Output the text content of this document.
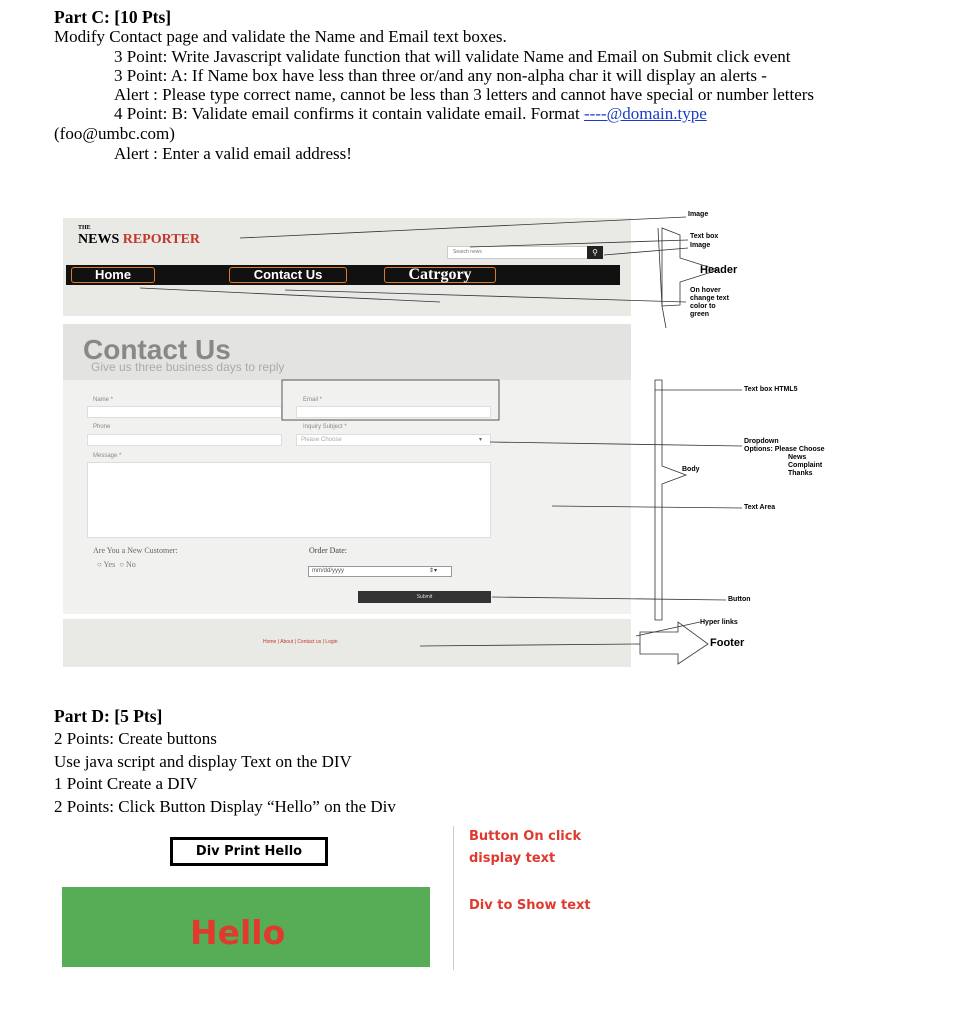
Part C: [10 Pts]
Modify Contact page and validate the Name and Email text boxes.
3 Point: Write Javascript validate function that will validate Name and Email on Submit click event
3 Point: A: If Name box have less than three or/and any non-alpha char it will display an alerts -
Alert : Please type correct name, cannot be less than 3 letters and cannot have special or number letters
4 Point: B: Validate email confirms it contain validate email. Format ----@domain.type
(foo@umbc.com)
Alert : Enter a valid email address!
THE
NEWS REPORTER
Search news	⚲
Home	Contact Us	Catrgory
Contact Us
Give us three business days to reply
Name *	Email *
Phone	Inquiry Subject *
Please Choose	▾
Message *
Are You a New Customer:
○ Yes ○ No
Order Date:
mm/dd/yyyy	⇕▾
Submit
Home | About | Contact us | Login
Image
Text box
Image
Header
On hover
change text
color to
green
Text box HTML5
Dropdown
Options: Please Choose
News
Complaint
Thanks
Body
Text Area
Button
Hyper links
Footer
Part D: [5 Pts]
2 Points: Create buttons
Use java script and display Text on the DIV
1 Point Create a DIV
2 Points: Click Button Display “Hello” on the Div
Div Print Hello
Hello
Button On click
display text
Div to Show text
